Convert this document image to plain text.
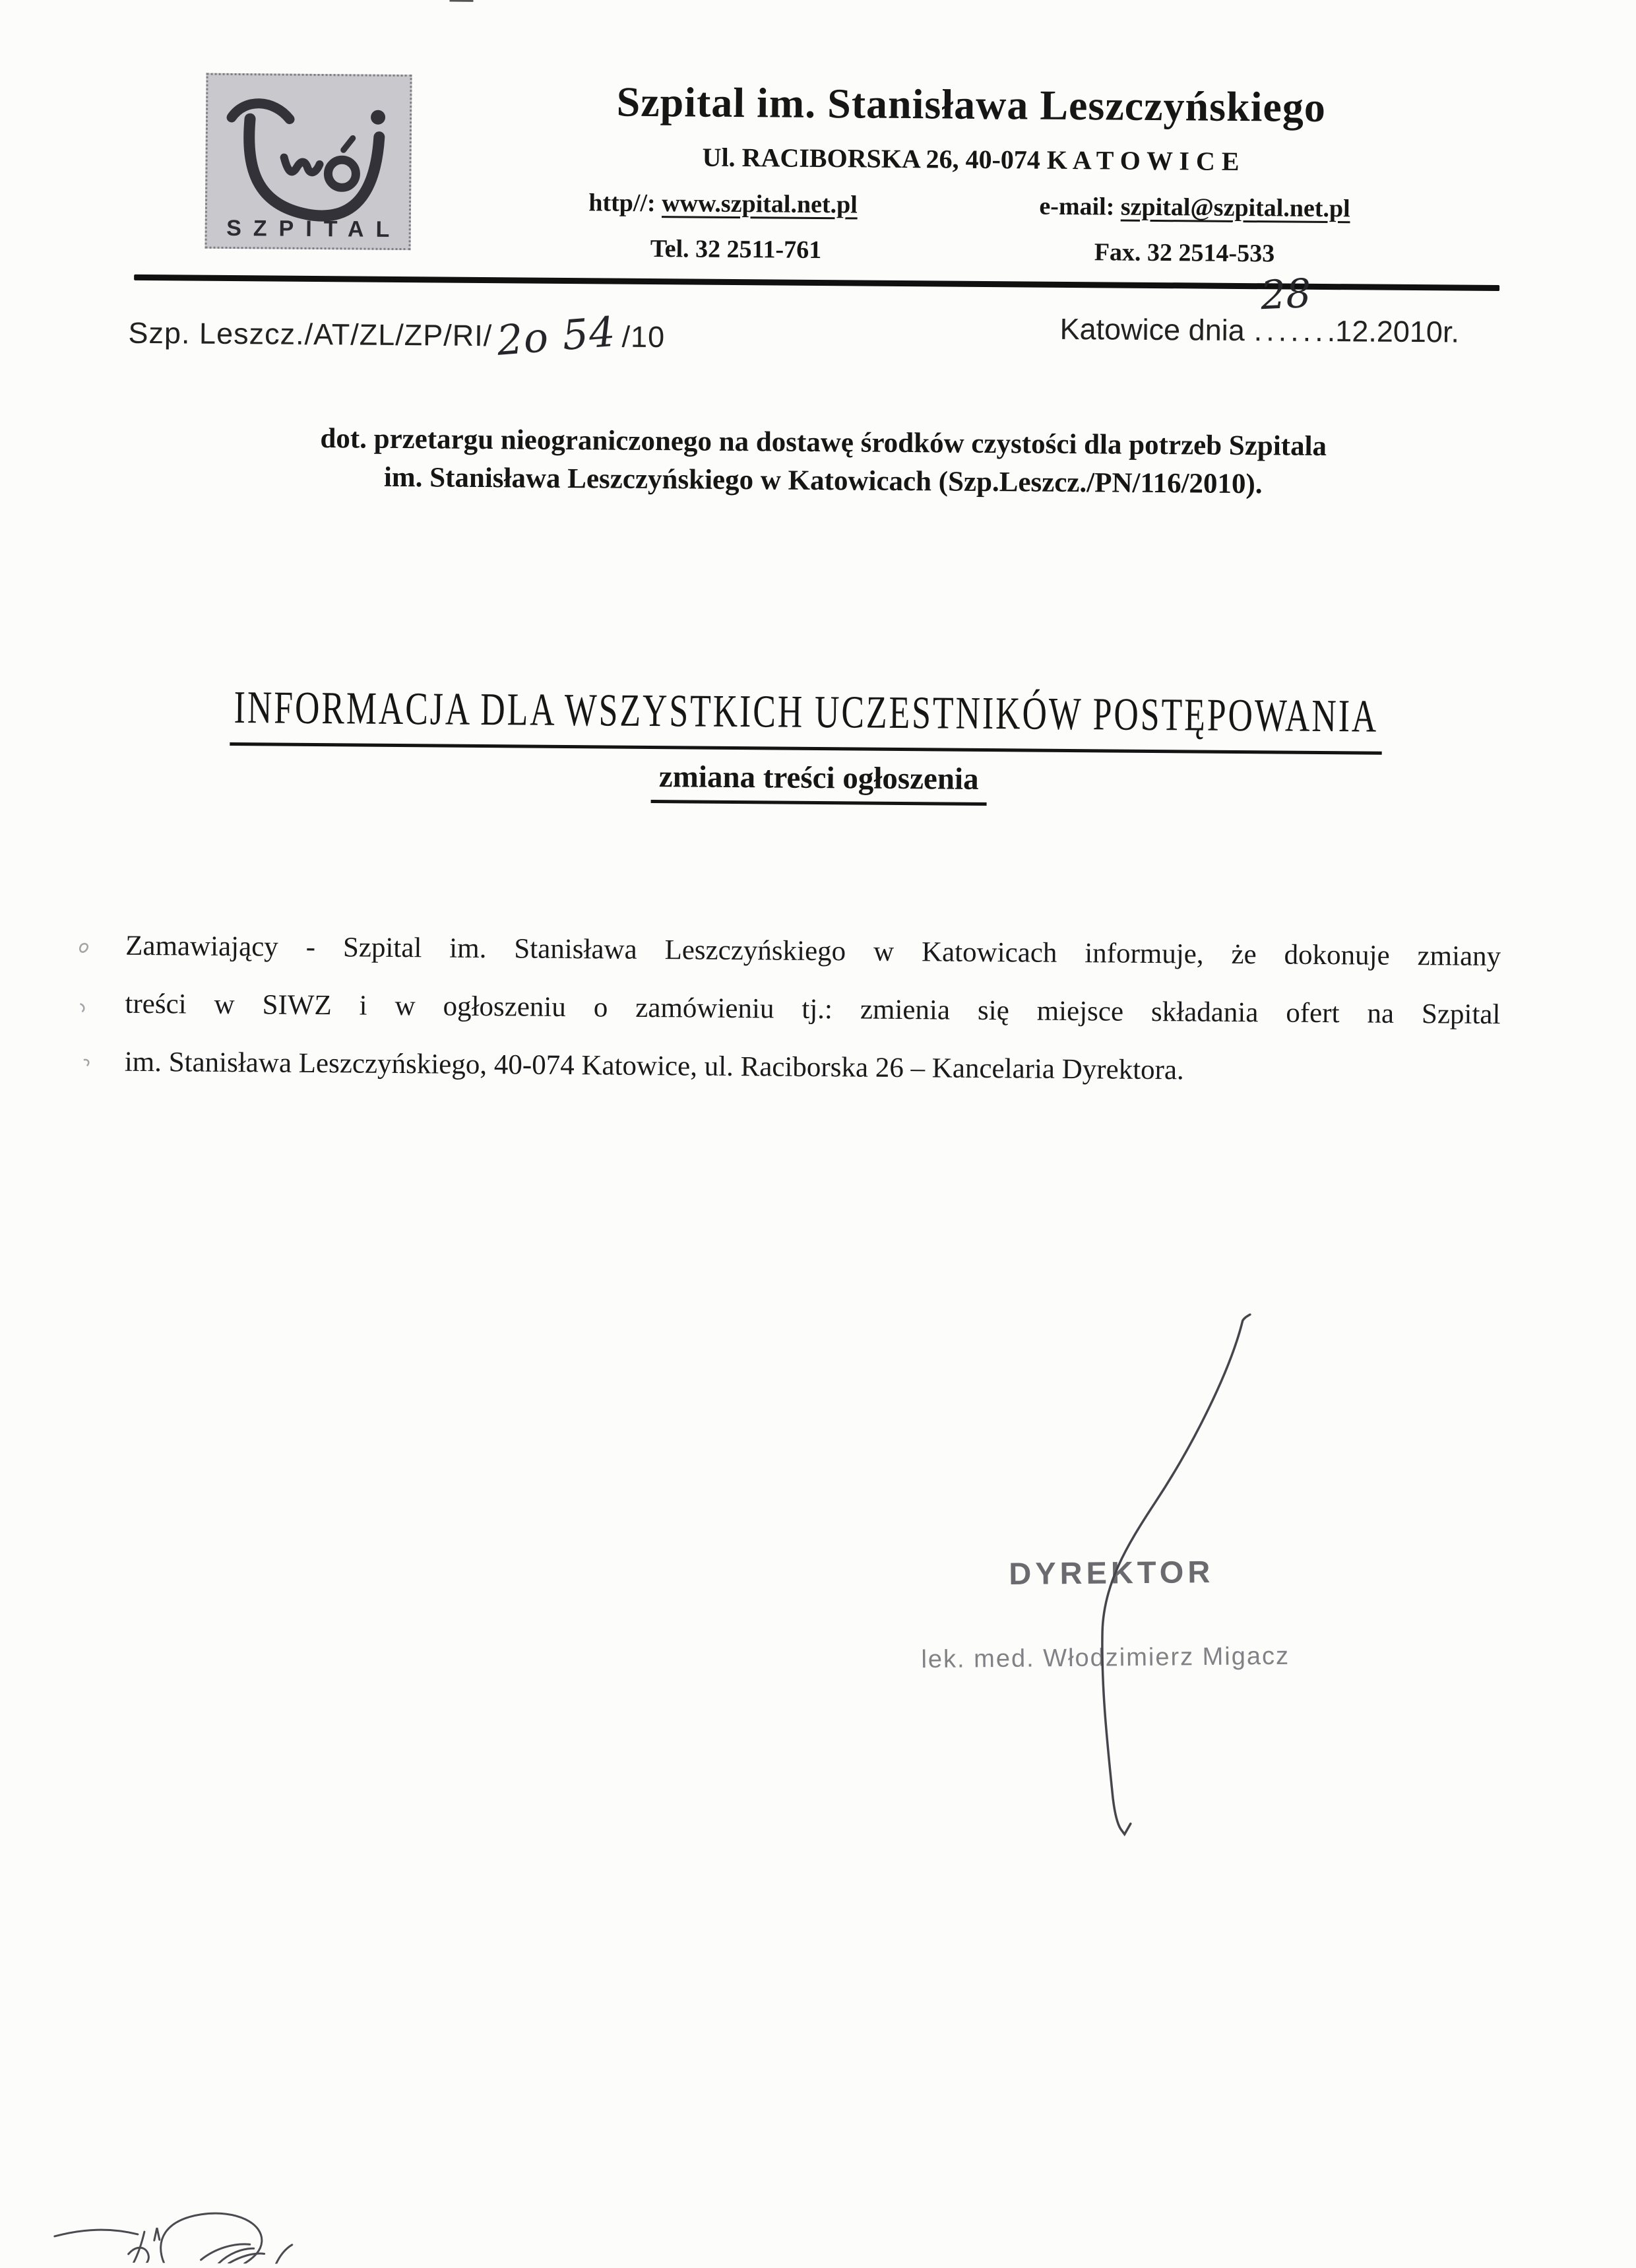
SZPITAL
Szpital im. Stanisława Leszczyńskiego
Ul. RACIBORSKA 26, 40-074 K A T O W I C E
http//: www.szpital.net.pl	e-mail: szpital@szpital.net.pl
Tel. 32 2511-761	Fax. 32 2514-533
Szp. Leszcz./AT/ZL/ZP/RI/2o 54 /10	Katowice dnia ......
28
.12.2010r.
dot. przetargu nieograniczonego na dostawę środków czystości dla potrzeb Szpitala
im. Stanisława Leszczyńskiego w Katowicach (Szp.Leszcz./PN/116/2010).
INFORMACJA DLA WSZYSTKICH UCZESTNIKÓW POSTĘPOWANIA
zmiana treści ogłoszenia
Zamawiający - Szpital im. Stanisława Leszczyńskiego w Katowicach informuje, że dokonuje zmiany
treści w SIWZ i w ogłoszeniu o zamówieniu tj.: zmienia się miejsce składania ofert na Szpital
im. Stanisława Leszczyńskiego, 40-074 Katowice, ul. Raciborska 26 – Kancelaria Dyrektora.
DYREKTOR
lek. med. Włodzimierz Migacz
